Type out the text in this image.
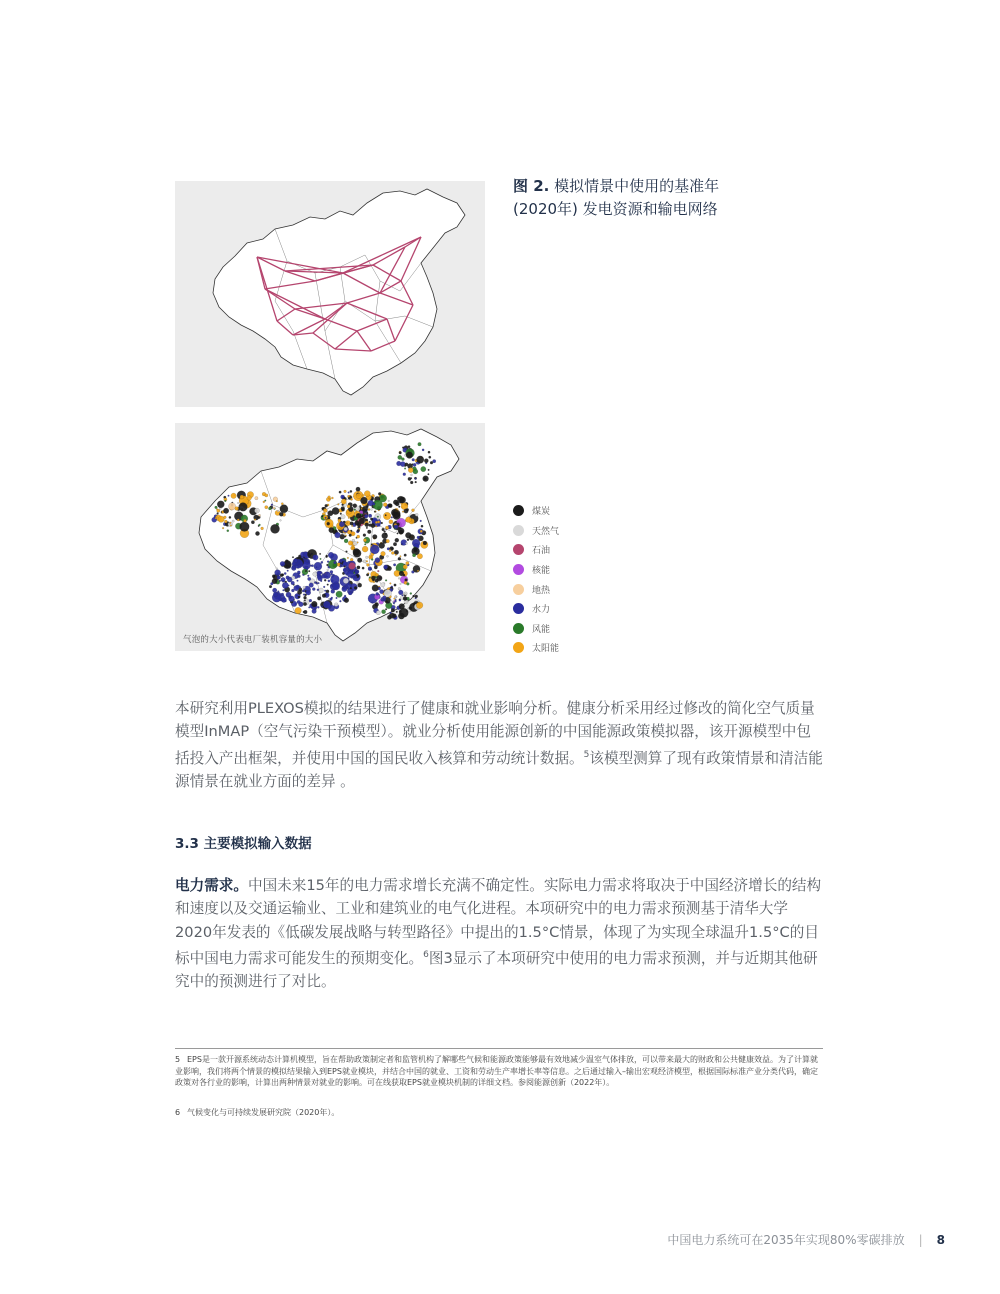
气泡的大小代表电厂装机容量的大小
图 2. 模拟情景中使用的基准年 (2020年) 发电资源和输电网络
煤炭
天然气
石油
核能
地热
水力
风能
太阳能
本研究利用PLEXOS模拟的结果进行了健康和就业影响分析。健康分析采用经过修改的简化空气质量模型InMAP（空气污染干预模型）。就业分析使用能源创新的中国能源政策模拟器，该开源模型中包括投入产出框架，并使用中国的国民收入核算和劳动统计数据。$^5$该模型测算了现有政策情景和清洁能源情景在就业方面的差异 。
3.3 主要模拟输入数据
电力需求。中国未来15年的电力需求增长充满不确定性。实际电力需求将取决于中国经济增长的结构和速度以及交通运输业、工业和建筑业的电气化进程。本项研究中的电力需求预测基于清华大学2020年发表的《低碳发展战略与转型路径》中提出的1.5°C情景，体现了为实现全球温升1.5°C的目标中国电力需求可能发生的预期变化。$^6$图3显示了本项研究中使用的电力需求预测，并与近期其他研究中的预测进行了对比。
5 EPS是一款开源系统动态计算机模型，旨在帮助政策制定者和监管机构了解哪些气候和能源政策能够最有效地减少温室气体排放，可以带来最大的财政和公共健康效益。为了计算就业影响，我们将两个情景的模拟结果输入到EPS就业模块，并结合中国的就业、工资和劳动生产率增长率等信息。之后通过输入–输出宏观经济模型，根据国际标准产业分类代码，确定政策对各行业的影响，计算出两种情景对就业的影响。可在线获取EPS就业模块机制的详细文档。参阅能源创新（2022年）。
6 气候变化与可持续发展研究院（2020年）。
中国电力系统可在2035年实现80%零碳排放 | 8
